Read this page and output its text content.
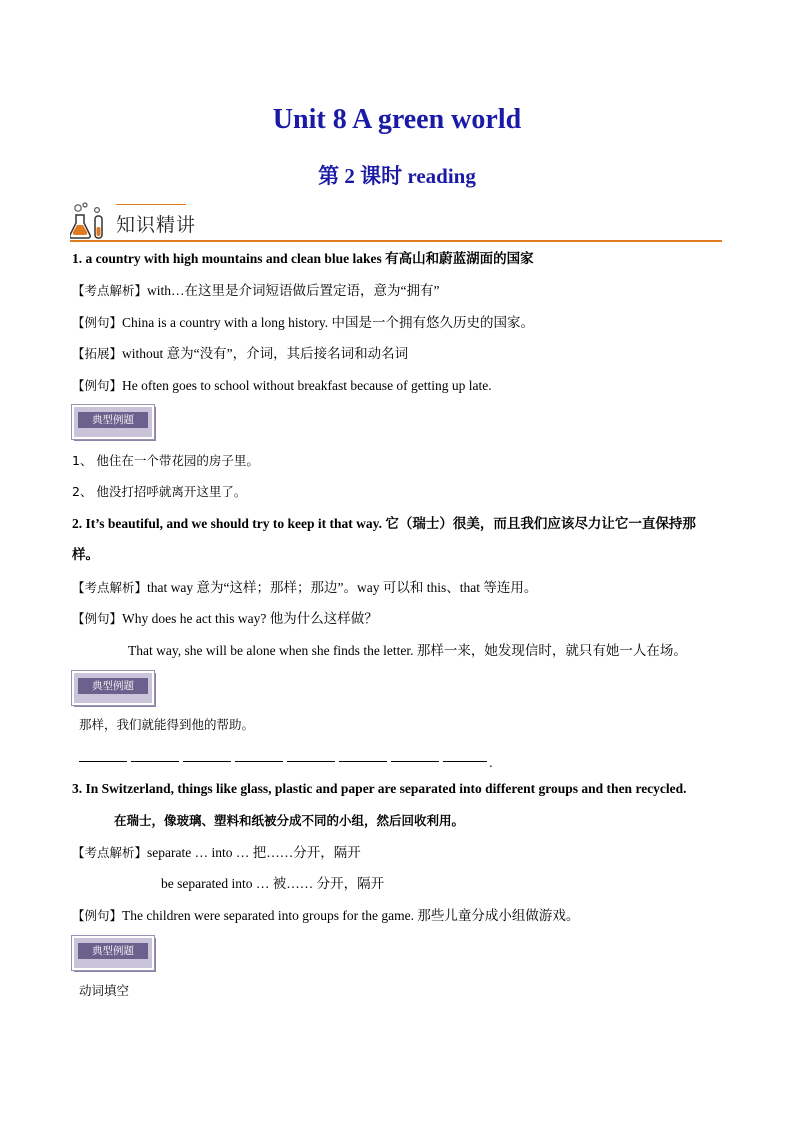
Unit 8 A green world
第 2 课时 reading
知识精讲
1. a country with high mountains and clean blue lakes 有高山和蔚蓝湖面的国家
【考点解析】with…在这里是介词短语做后置定语，意为“拥有”
【例句】China is a country with a long history. 中国是一个拥有悠久历史的国家。
【拓展】without 意为“没有”，介词，其后接名词和动名词
【例句】He often goes to school without breakfast because of getting up late.
典型例题
1、 他住在一个带花园的房子里。
2、 他没打招呼就离开这里了。
2. It’s beautiful, and we should try to keep it that way. 它（瑞士）很美，而且我们应该尽力让它一直保持那
样。
【考点解析】that way 意为“这样；那样；那边”。way 可以和 this、that 等连用。
【例句】Why does he act this way? 他为什么这样做？
That way, she will be alone when she finds the letter. 那样一来，她发现信时，就只有她一人在场。
典型例题
那样，我们就能得到他的帮助。
.
3. In Switzerland, things like glass, plastic and paper are separated into different groups and then recycled.
在瑞士，像玻璃、塑料和纸被分成不同的小组，然后回收利用。
【考点解析】separate … into … 把……分开，隔开
be separated into … 被…… 分开，隔开
【例句】The children were separated into groups for the game. 那些儿童分成小组做游戏。
典型例题
动词填空
